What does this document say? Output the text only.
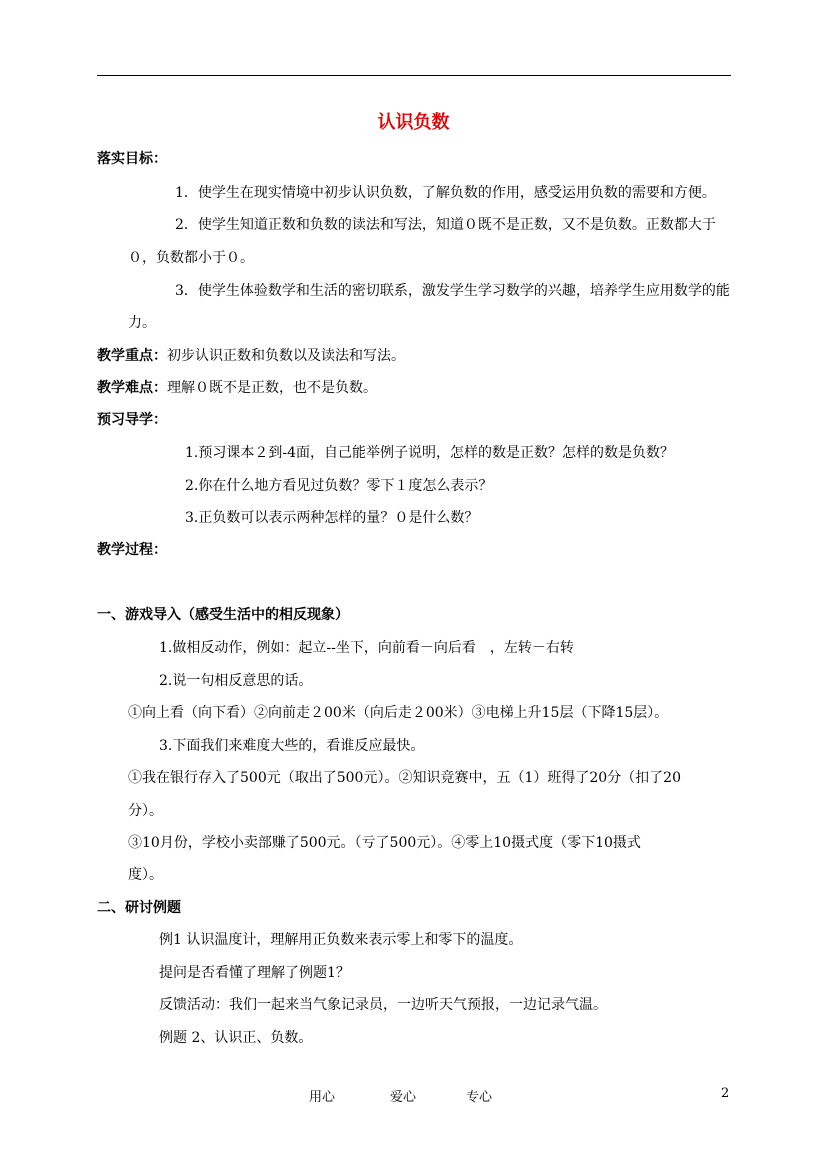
认识负数
落实目标：
1．使学生在现实情境中初步认识负数，了解负数的作用，感受运用负数的需要和方便。
2．使学生知道正数和负数的读法和写法，知道０既不是正数，又不是负数。正数都大于
０，负数都小于０。
3．使学生体验数学和生活的密切联系，激发学生学习数学的兴趣，培养学生应用数学的能
力。
教学重点：初步认识正数和负数以及读法和写法。
教学难点：理解０既不是正数，也不是负数。
预习导学：
1.预习课本２到-4面，自己能举例子说明，怎样的数是正数？怎样的数是负数？
2.你在什么地方看见过负数？零下１度怎么表示？
3.正负数可以表示两种怎样的量？０是什么数？
教学过程：
一、游戏导入（感受生活中的相反现象）
1.做相反动作，例如：起立--坐下，向前看－向后看　，左转－右转
2.说一句相反意思的话。
①向上看（向下看）②向前走２00米（向后走２00米）③电梯上升15层（下降15层）。
3.下面我们来难度大些的，看谁反应最快。
①我在银行存入了500元（取出了500元）。②知识竞赛中，五（1）班得了20分（扣了20
分）。
③10月份，学校小卖部赚了500元。（亏了500元）。④零上10摄式度（零下10摄式
度）。
二、研讨例题
例1 认识温度计，理解用正负数来表示零上和零下的温度。
提问是否看懂了理解了例题1？
反馈活动：我们一起来当气象记录员，一边听天气预报，一边记录气温。
例题 2、认识正、负数。
用心	爱心	专心	2
